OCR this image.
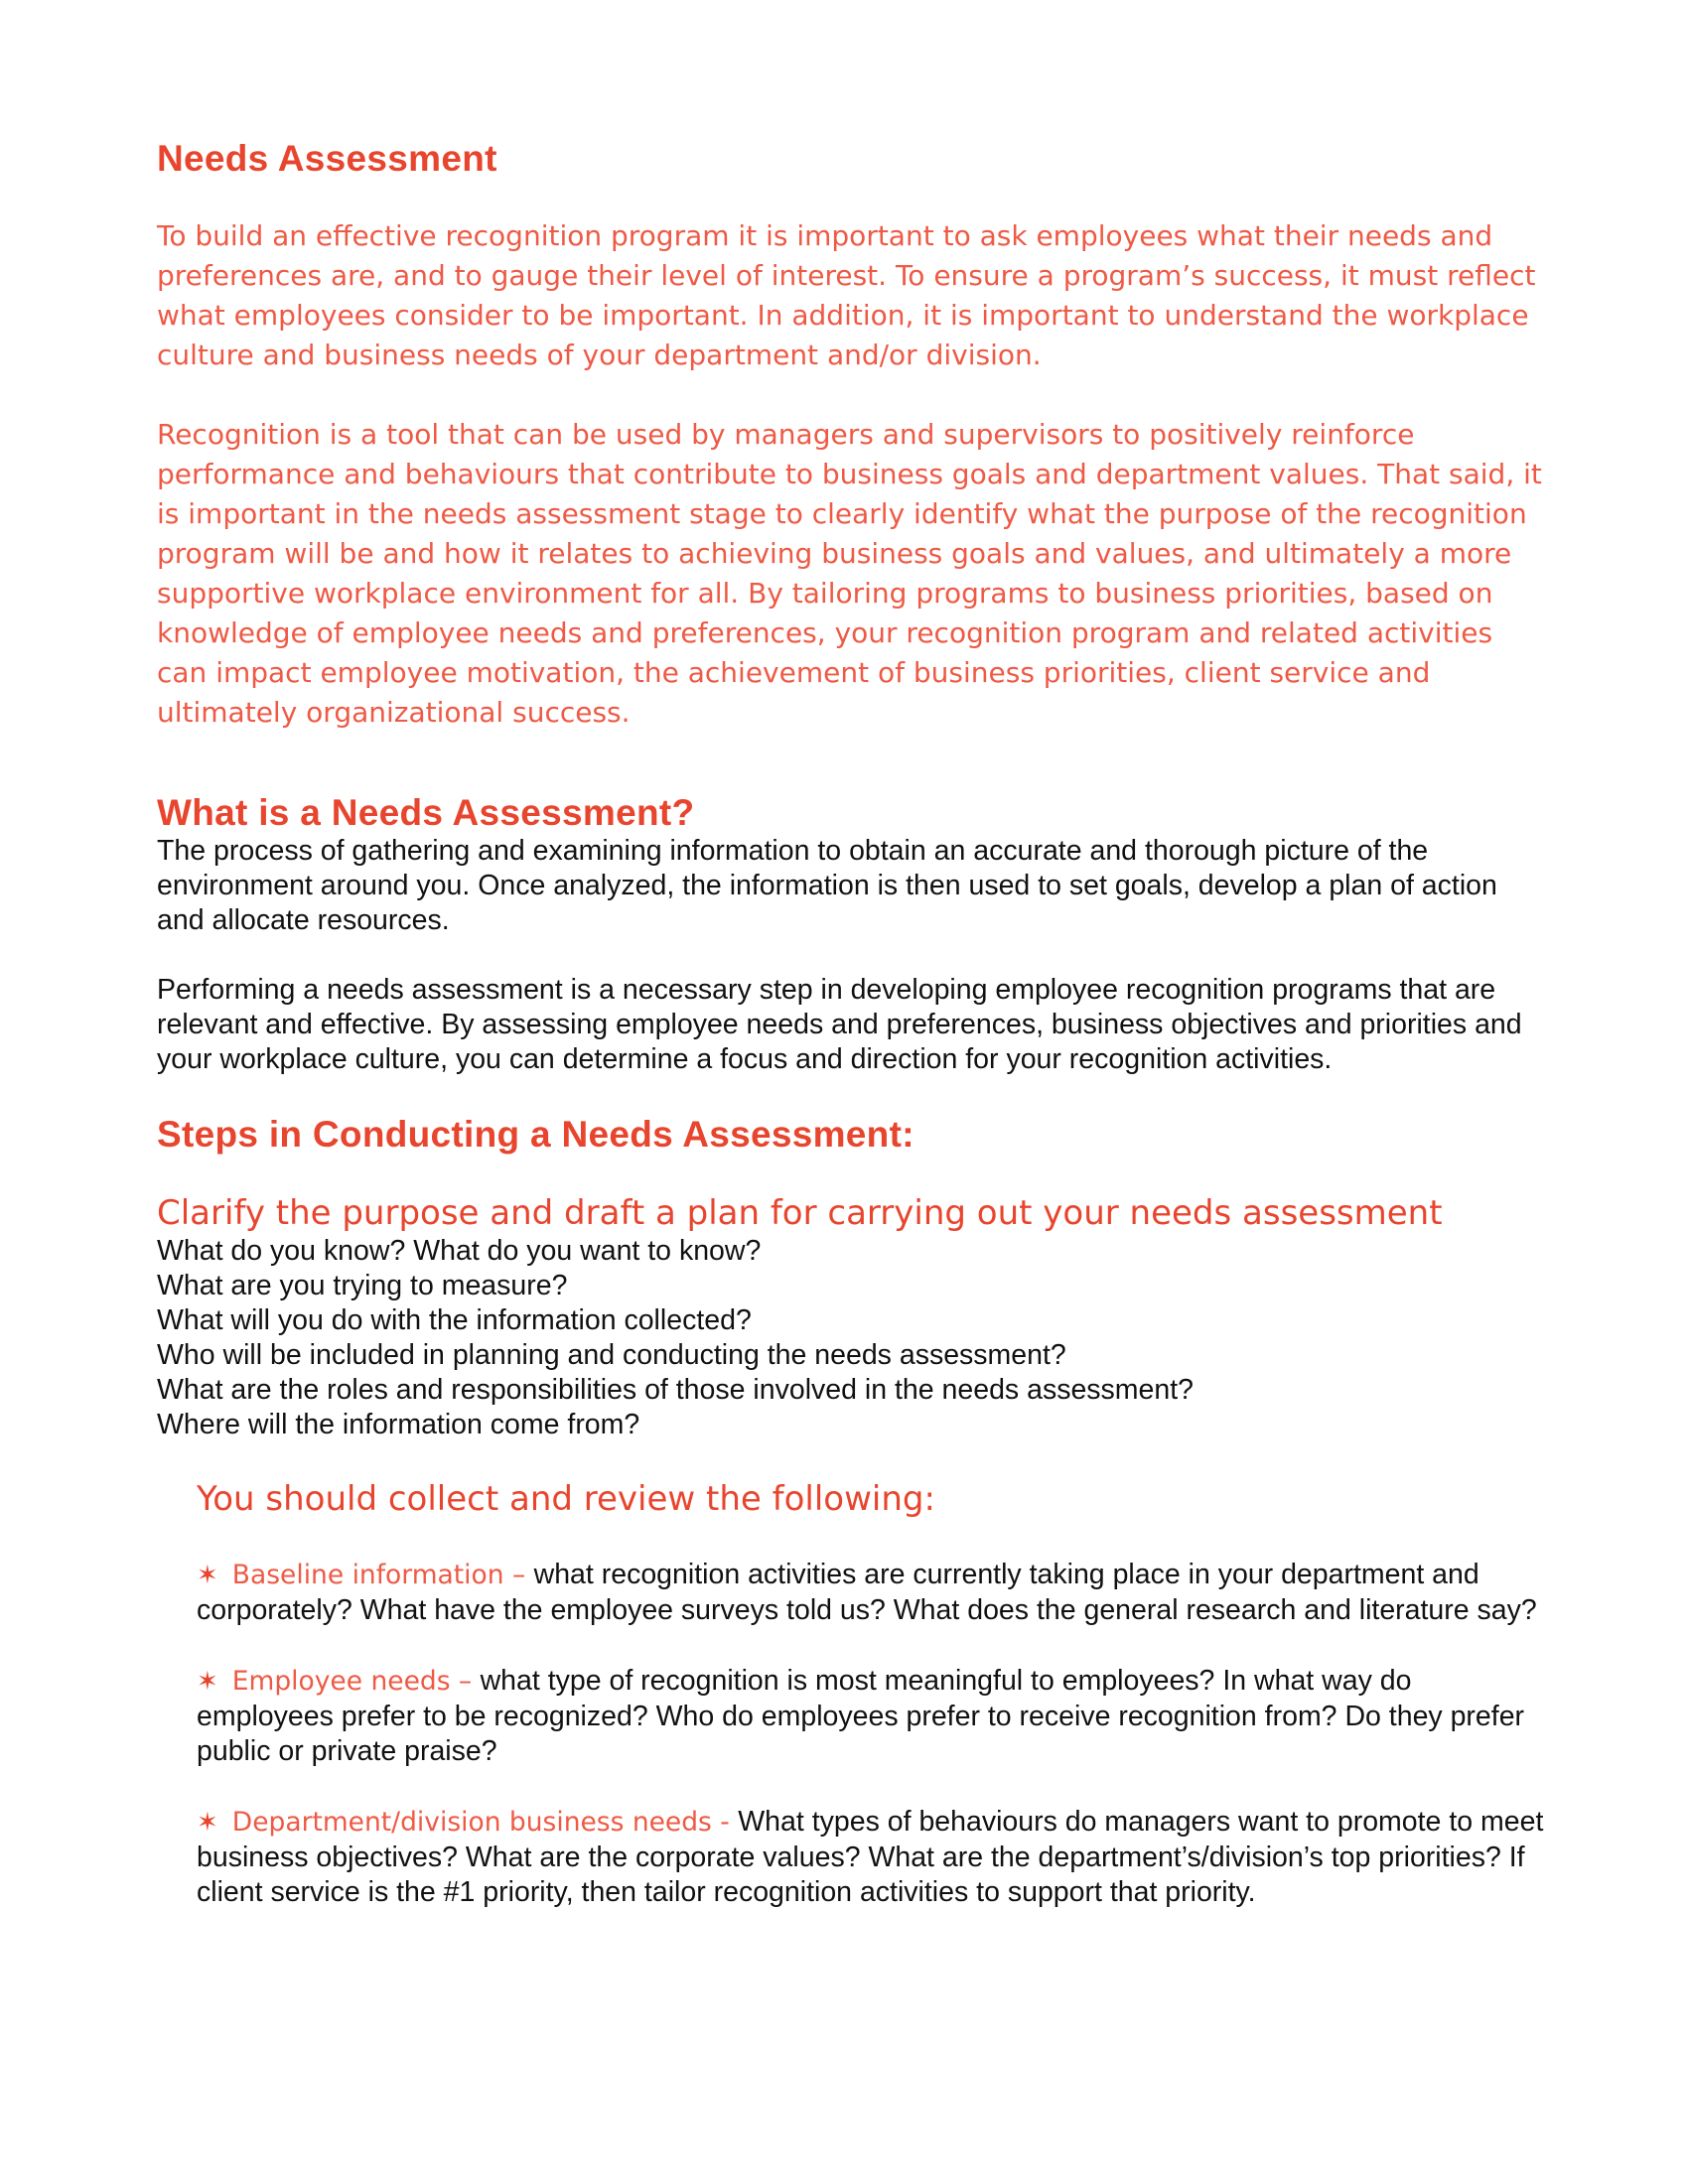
Needs Assessment

To build an effective recognition program it is important to ask employees what their needs and preferences are, and to gauge their level of interest. To ensure a program’s success, it must reflect what employees consider to be important. In addition, it is important to understand the workplace culture and business needs of your department and/or division.

Recognition is a tool that can be used by managers and supervisors to positively reinforce performance and behaviours that contribute to business goals and department values. That said, it is important in the needs assessment stage to clearly identify what the purpose of the recognition program will be and how it relates to achieving business goals and values, and ultimately a more supportive workplace environment for all. By tailoring programs to business priorities, based on knowledge of employee needs and preferences, your recognition program and related activities can impact employee motivation, the achievement of business priorities, client service and ultimately organizational success.

What is a Needs Assessment?

The process of gathering and examining information to obtain an accurate and thorough picture of the environment around you. Once analyzed, the information is then used to set goals, develop a plan of action and allocate resources.

Performing a needs assessment is a necessary step in developing employee recognition programs that are relevant and effective. By assessing employee needs and preferences, business objectives and priorities and your workplace culture, you can determine a focus and direction for your recognition activities.

Steps in Conducting a Needs Assessment:
Clarify the purpose and draft a plan for carrying out your needs assessment
What do you know? What do you want to know?
What are you trying to measure?
What will you do with the information collected?
Who will be included in planning and conducting the needs assessment?
What are the roles and responsibilities of those involved in the needs assessment?
Where will the information come from?
You should collect and review the following:

✶ Baseline information – what recognition activities are currently taking place in your department and corporately? What have the employee surveys told us? What does the general research and literature say?

✶ Employee needs – what type of recognition is most meaningful to employees? In what way do employees prefer to be recognized? Who do employees prefer to receive recognition from? Do they prefer public or private praise?

✶ Department/division business needs - What types of behaviours do managers want to promote to meet business objectives? What are the corporate values? What are the department’s/division’s top priorities? If client service is the #1 priority, then tailor recognition activities to support that priority.
